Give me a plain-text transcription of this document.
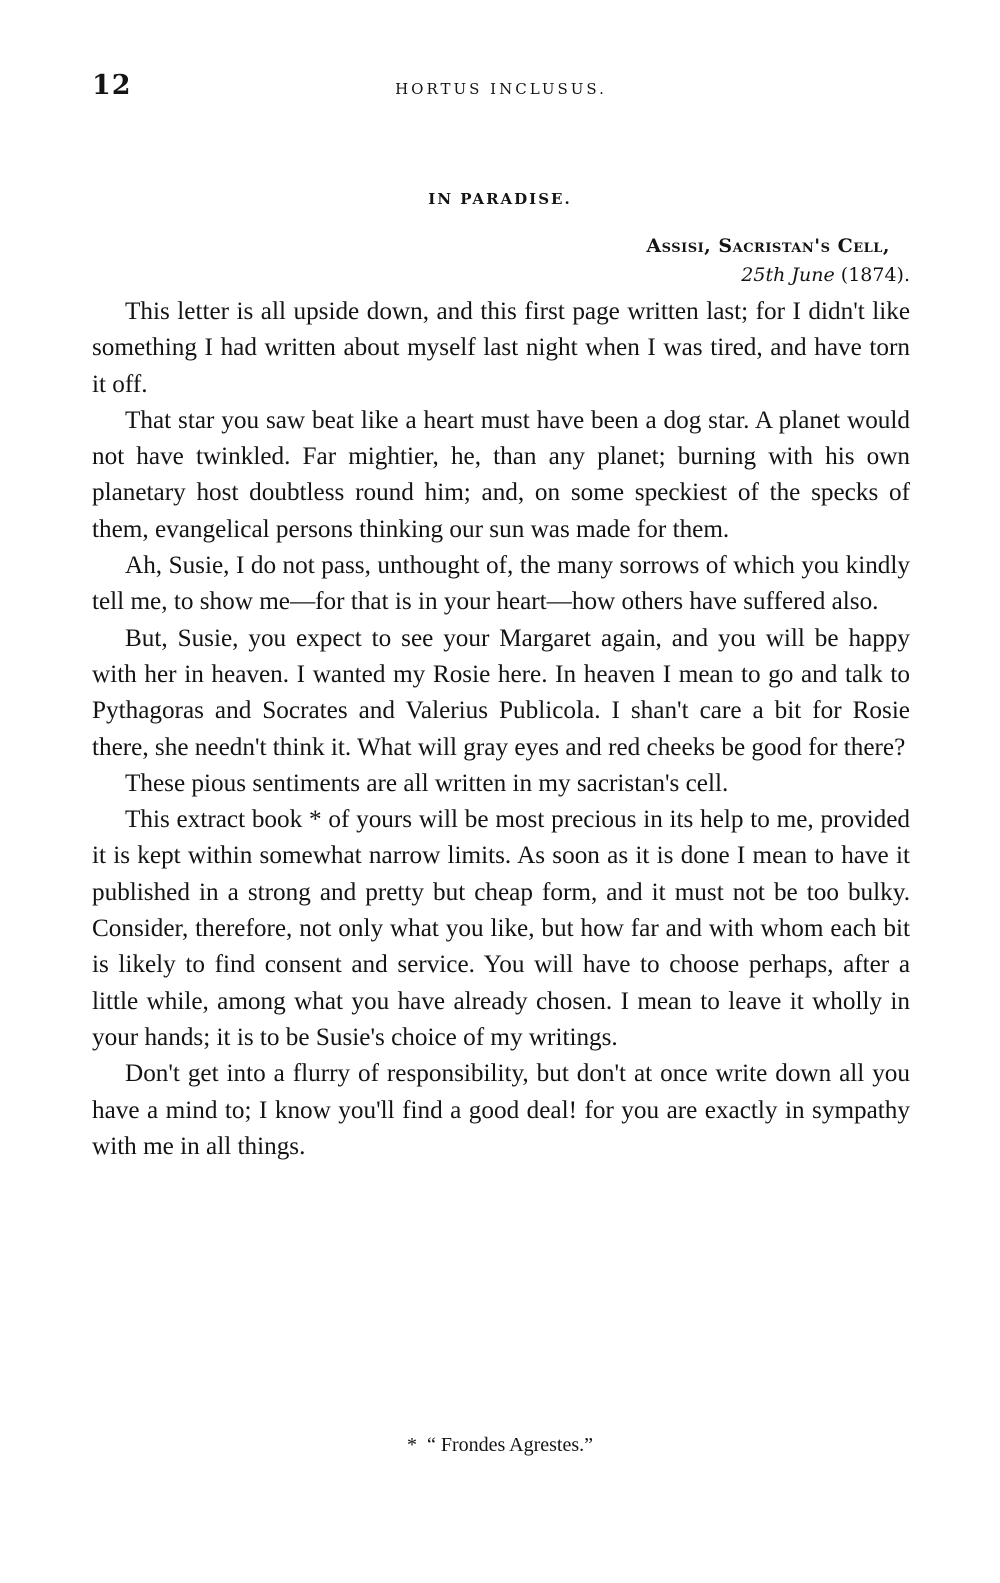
12	HORTUS INCLUSUS.
IN PARADISE.
Assisi, Sacristan's Cell,
25th June (1874).

This letter is all upside down, and this first page written last; for I didn't like something I had written about myself last night when I was tired, and have torn it off.

That star you saw beat like a heart must have been a dog star. A planet would not have twinkled. Far mightier, he, than any planet; burning with his own planetary host doubtless round him; and, on some speckiest of the specks of them, evangelical persons thinking our sun was made for them.

Ah, Susie, I do not pass, unthought of, the many sorrows of which you kindly tell me, to show me—for that is in your heart—how others have suffered also.

But, Susie, you expect to see your Margaret again, and you will be happy with her in heaven. I wanted my Rosie here. In heaven I mean to go and talk to Pythagoras and Socrates and Valerius Publicola. I shan't care a bit for Rosie there, she needn't think it. What will gray eyes and red cheeks be good for there?

These pious sentiments are all written in my sacristan's cell.

This extract book * of yours will be most precious in its help to me, provided it is kept within somewhat narrow limits. As soon as it is done I mean to have it published in a strong and pretty but cheap form, and it must not be too bulky. Consider, therefore, not only what you like, but how far and with whom each bit is likely to find consent and service. You will have to choose perhaps, after a little while, among what you have already chosen. I mean to leave it wholly in your hands; it is to be Susie's choice of my writings.

Don't get into a flurry of responsibility, but don't at once write down all you have a mind to; I know you'll find a good deal! for you are exactly in sympathy with me in all things.

* “ Frondes Agrestes.”
